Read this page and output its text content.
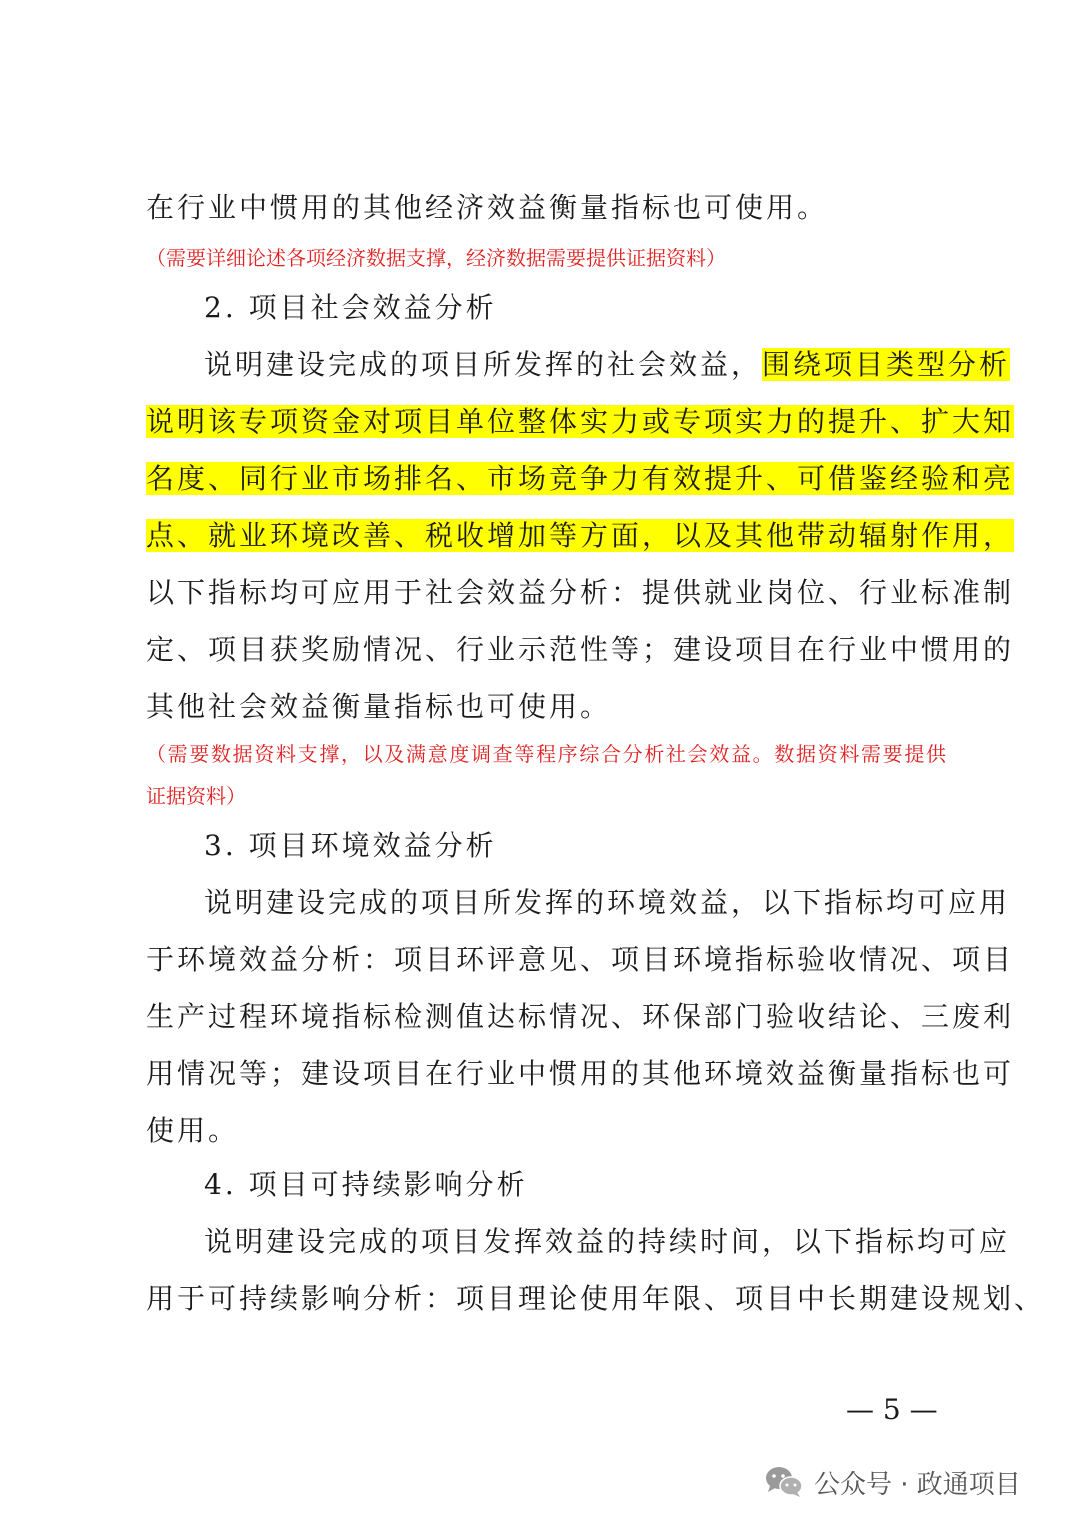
在行业中惯用的其他经济效益衡量指标也可使用。
（需要详细论述各项经济数据支撑，经济数据需要提供证据资料）
2. 项目社会效益分析
说明建设完成的项目所发挥的社会效益，围绕项目类型分析
说明该专项资金对项目单位整体实力或专项实力的提升、扩大知
名度、同行业市场排名、市场竞争力有效提升、可借鉴经验和亮
点、就业环境改善、税收增加等方面，以及其他带动辐射作用，
以下指标均可应用于社会效益分析：提供就业岗位、行业标准制
定、项目获奖励情况、行业示范性等；建设项目在行业中惯用的
其他社会效益衡量指标也可使用。
（需要数据资料支撑，以及满意度调查等程序综合分析社会效益。数据资料需要提供
证据资料）
3. 项目环境效益分析
说明建设完成的项目所发挥的环境效益，以下指标均可应用
于环境效益分析：项目环评意见、项目环境指标验收情况、项目
生产过程环境指标检测值达标情况、环保部门验收结论、三废利
用情况等；建设项目在行业中惯用的其他环境效益衡量指标也可
使用。
4. 项目可持续影响分析
说明建设完成的项目发挥效益的持续时间，以下指标均可应
用于可持续影响分析：项目理论使用年限、项目中长期建设规划、
— 5 —
公众号 · 政通项目
